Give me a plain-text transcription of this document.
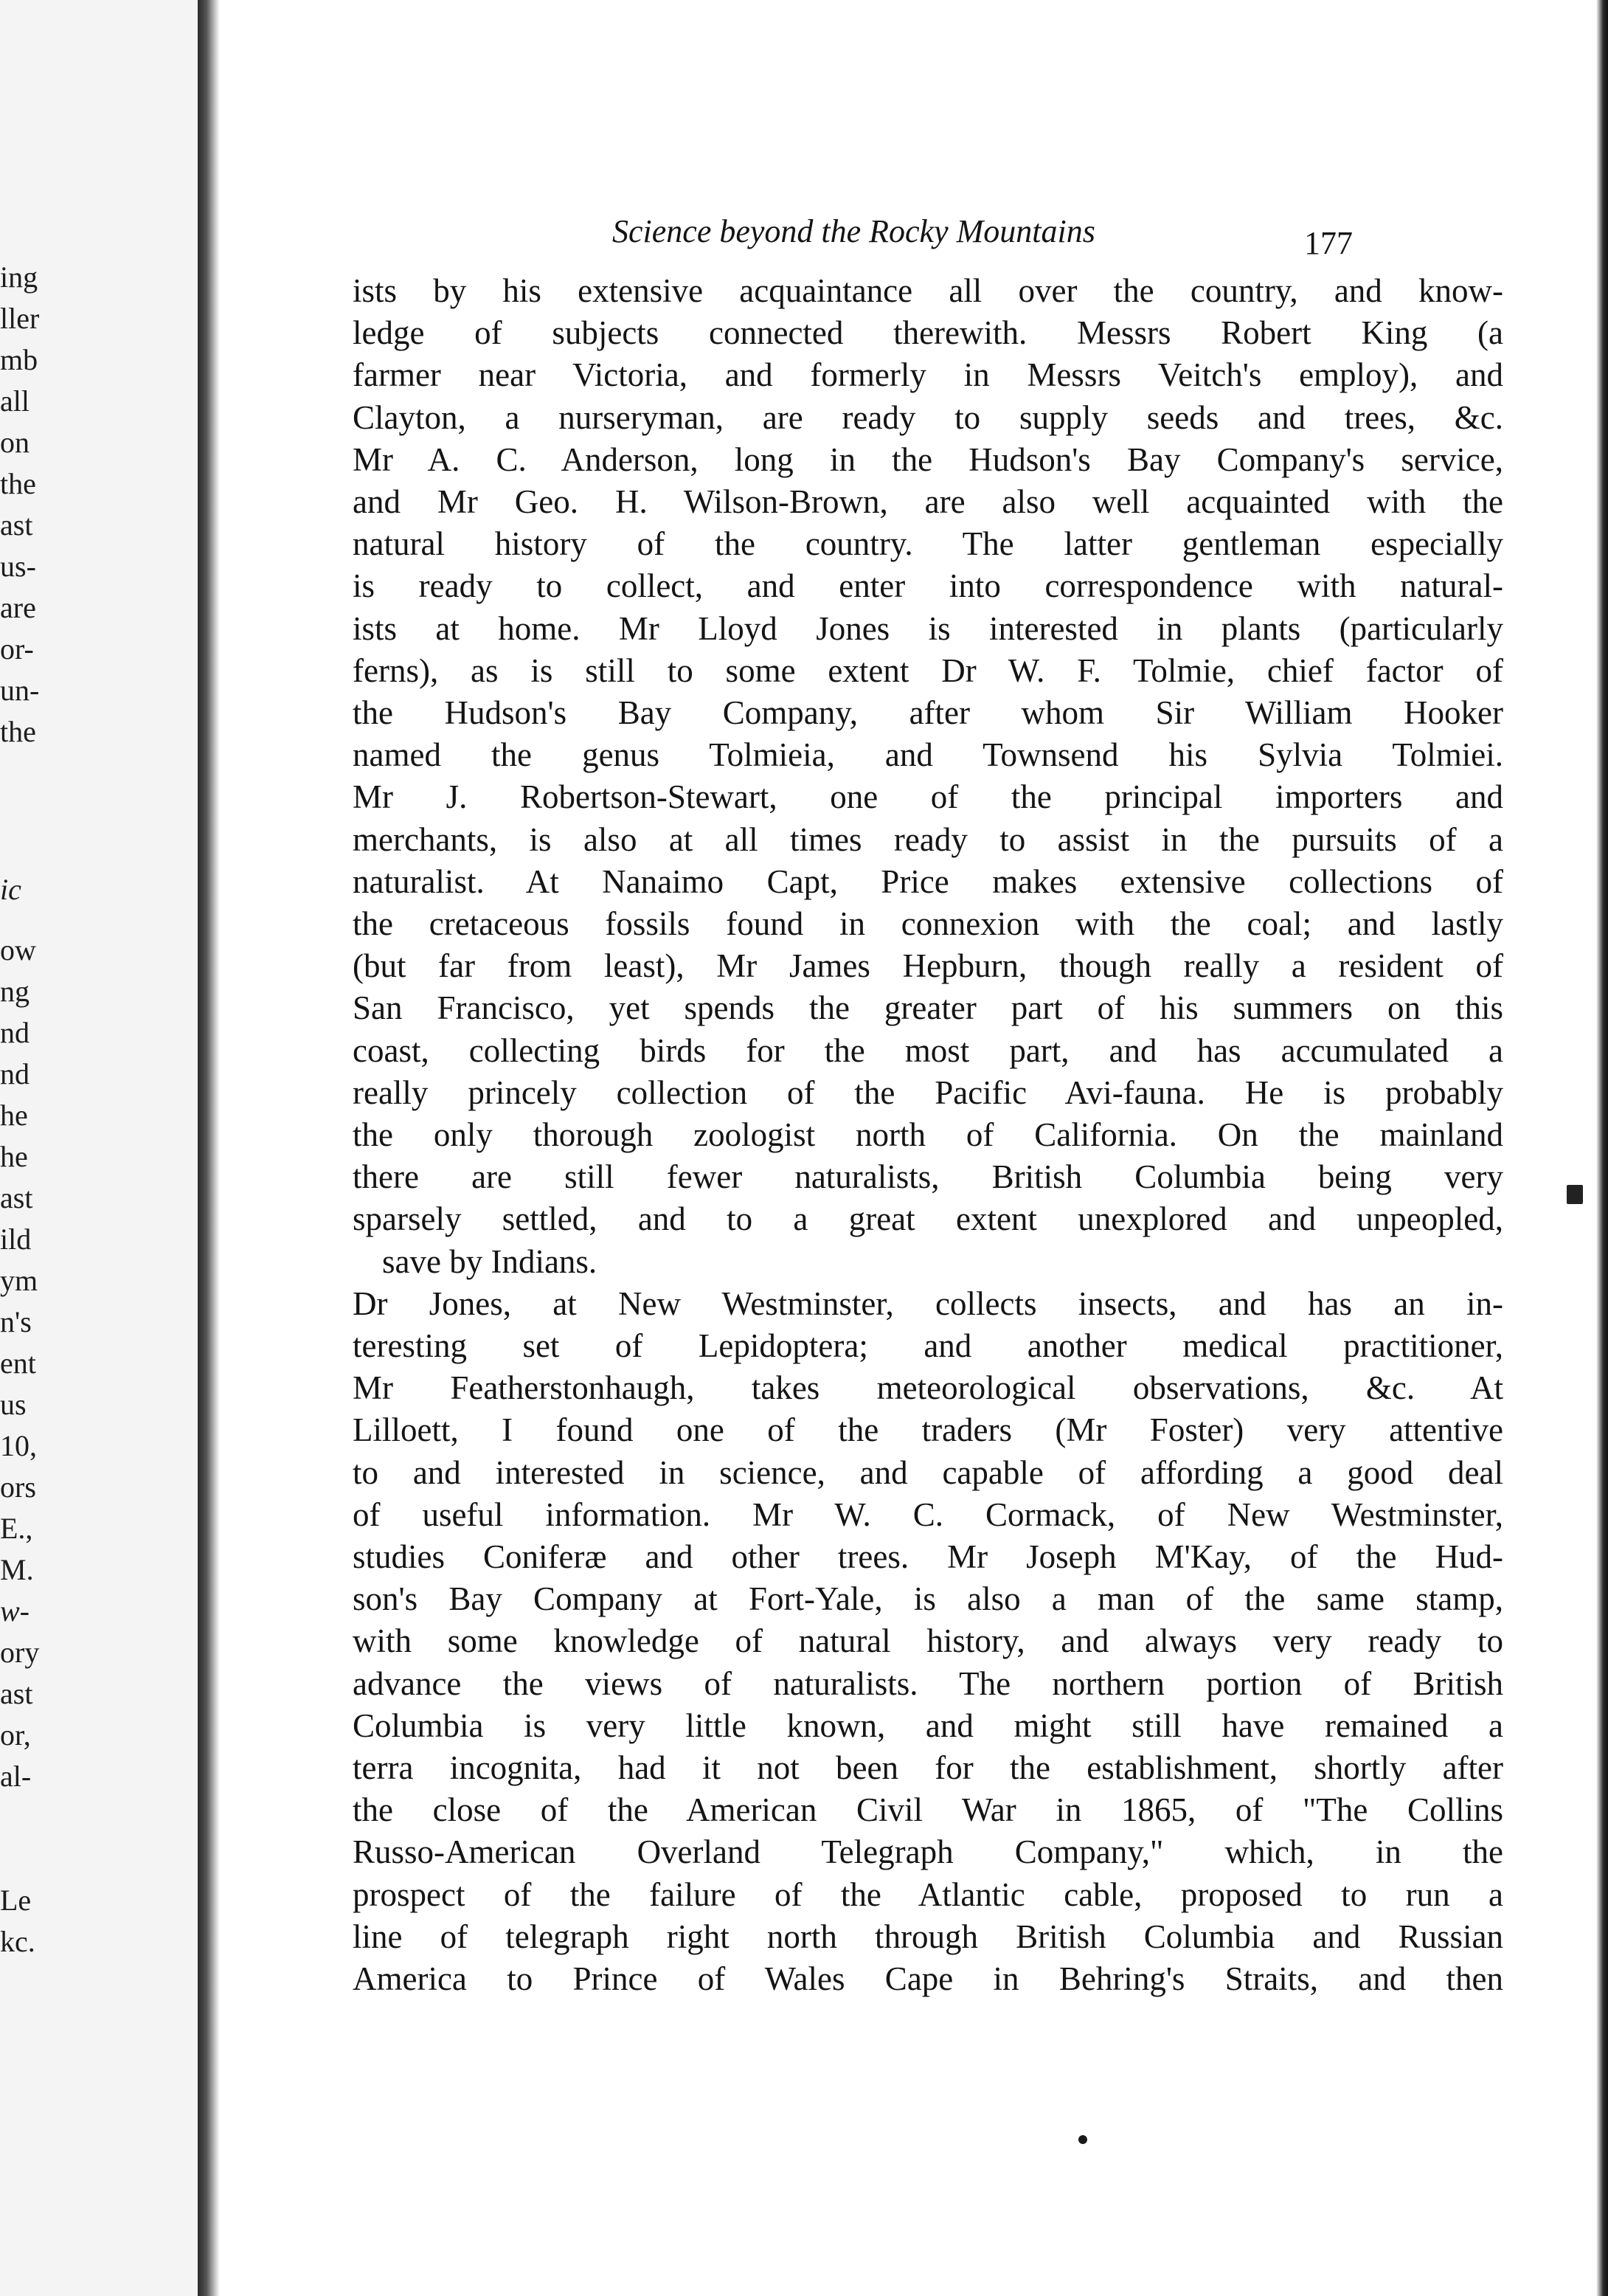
ing
ller
mb
all
on
the
ast
us-
are
or-
un-
the
ic
ow
ng
nd
nd
he
he
ast
ild
ym
n's
ent
us
10,
ors
E.,
M.
w-
ory
ast
or,
al-
Le
kc.
Science beyond the Rocky Mountains	177
ists by his extensive acquaintance all over the country, and know-
ledge of subjects connected therewith. Messrs Robert King (a
farmer near Victoria, and formerly in Messrs Veitch's employ), and
Clayton, a nurseryman, are ready to supply seeds and trees, &c.
Mr A. C. Anderson, long in the Hudson's Bay Company's service,
and Mr Geo. H. Wilson-Brown, are also well acquainted with the
natural history of the country. The latter gentleman especially
is ready to collect, and enter into correspondence with natural-
ists at home. Mr Lloyd Jones is interested in plants (particularly
ferns), as is still to some extent Dr W. F. Tolmie, chief factor of
the Hudson's Bay Company, after whom Sir William Hooker
named the genus Tolmieia, and Townsend his Sylvia Tolmiei.
Mr J. Robertson-Stewart, one of the principal importers and
merchants, is also at all times ready to assist in the pursuits of a
naturalist. At Nanaimo Capt, Price makes extensive collections of
the cretaceous fossils found in connexion with the coal; and lastly
(but far from least), Mr James Hepburn, though really a resident of
San Francisco, yet spends the greater part of his summers on this
coast, collecting birds for the most part, and has accumulated a
really princely collection of the Pacific Avi-fauna. He is probably
the only thorough zoologist north of California. On the mainland
there are still fewer naturalists, British Columbia being very
sparsely settled, and to a great extent unexplored and unpeopled,
save by Indians.
Dr Jones, at New Westminster, collects insects, and has an in-
teresting set of Lepidoptera; and another medical practitioner,
Mr Featherstonhaugh, takes meteorological observations, &c. At
Lilloett, I found one of the traders (Mr Foster) very attentive
to and interested in science, and capable of affording a good deal
of useful information. Mr W. C. Cormack, of New Westminster,
studies Coniferæ and other trees. Mr Joseph M'Kay, of the Hud-
son's Bay Company at Fort-Yale, is also a man of the same stamp,
with some knowledge of natural history, and always very ready to
advance the views of naturalists. The northern portion of British
Columbia is very little known, and might still have remained a
terra incognita, had it not been for the establishment, shortly after
the close of the American Civil War in 1865, of "The Collins
Russo-American Overland Telegraph Company," which, in the
prospect of the failure of the Atlantic cable, proposed to run a
line of telegraph right north through British Columbia and Russian
America to Prince of Wales Cape in Behring's Straits, and then
